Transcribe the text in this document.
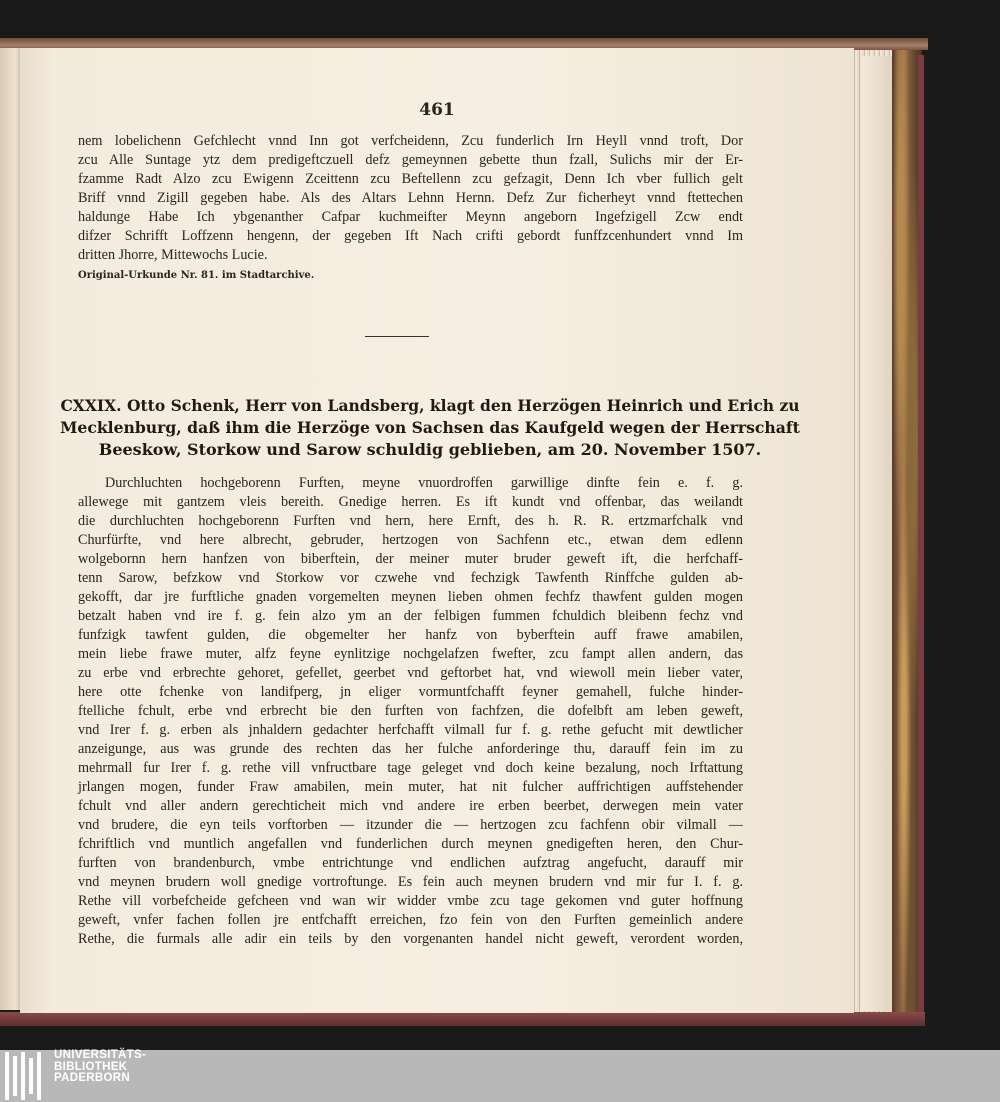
461
nem lobelichenn Gefchlecht vnnd Inn got verfcheidenn, Zcu funderlich Irn Heyll vnnd troft, Dor
zcu Alle Suntage ytz dem predigeftczuell defz gemeynnen gebette thun fzall, Sulichs mir der Er-
fzamme Radt Alzo zcu Ewigenn Zceittenn zcu Beftellenn zcu gefzagit, Denn Ich vber fullich gelt
Briff vnnd Zigill gegeben habe. Als des Altars Lehnn Hernn. Defz Zur ficherheyt vnnd ftettechen
haldunge Habe Ich ybgenanther Cafpar kuchmeifter Meynn angeborn Ingefzigell Zcw endt
difzer Schrifft Loffzenn hengenn, der gegeben Ift Nach crifti gebordt funffzcenhundert vnnd Im
dritten Jhorre, Mittewochs Lucie.
Original-Urkunde Nr. 81. im Stadtarchive.
CXXIX. Otto Schenk, Herr von Landsberg, klagt den Herzögen Heinrich und Erich zu
Mecklenburg, daß ihm die Herzöge von Sachsen das Kaufgeld wegen der Herrschaft
Beeskow, Storkow und Sarow schuldig geblieben, am 20. November 1507.
Durchluchten hochgeborenn Furften, meyne vnuordroffen garwillige dinfte fein e. f. g.
allewege mit gantzem vleis bereith. Gnedige herren. Es ift kundt vnd offenbar, das weilandt
die durchluchten hochgeborenn Furften vnd hern, here Ernft, des h. R. R. ertzmarfchalk vnd
Churfürfte, vnd here albrecht, gebruder, hertzogen von Sachfenn etc., etwan dem edlenn
wolgebornn hern hanfzen von biberftein, der meiner muter bruder geweft ift, die herfchaff-
tenn Sarow, befzkow vnd Storkow vor czwehe vnd fechzigk Tawfenth Rinffche gulden ab-
gekofft, dar jre furftliche gnaden vorgemelten meynen lieben ohmen fechfz thawfent gulden mogen
betzalt haben vnd ire f. g. fein alzo ym an der felbigen fummen fchuldich bleibenn fechz vnd
funfzigk tawfent gulden, die obgemelter her hanfz von byberftein auff frawe amabilen,
mein liebe frawe muter, alfz feyne eynlitzige nochgelafzen fwefter, zcu fampt allen andern, das
zu erbe vnd erbrechte gehoret, gefellet, geerbet vnd geftorbet hat, vnd wiewoll mein lieber vater,
here otte fchenke von landifperg, jn eliger vormuntfchafft feyner gemahell, fulche hinder-
ftelliche fchult, erbe vnd erbrecht bie den furften von fachfzen, die dofelbft am leben geweft,
vnd Irer f. g. erben als jnhaldern gedachter herfchafft vilmall fur f. g. rethe gefucht mit dewtlicher
anzeigunge, aus was grunde des rechten das her fulche anforderinge thu, darauff fein im zu
mehrmall fur Irer f. g. rethe vill vnfructbare tage geleget vnd doch keine bezalung, noch Irftattung
jrlangen mogen, funder Fraw amabilen, mein muter, hat nit fulcher auffrichtigen auffstehender
fchult vnd aller andern gerechticheit mich vnd andere ire erben beerbet, derwegen mein vater
vnd brudere, die eyn teils vorftorben — itzunder die — hertzogen zcu fachfenn obir vilmall —
fchriftlich vnd muntlich angefallen vnd funderlichen durch meynen gnedigeften heren, den Chur-
furften von brandenburch, vmbe entrichtunge vnd endlichen aufztrag angefucht, darauff mir
vnd meynen brudern woll gnedige vortroftunge. Es fein auch meynen brudern vnd mir fur I. f. g.
Rethe vill vorbefcheide gefcheen vnd wan wir widder vmbe zcu tage gekomen vnd guter hoffnung
geweft, vnfer fachen follen jre entfchafft erreichen, fzo fein von den Furften gemeinlich andere
Rethe, die furmals alle adir ein teils by den vorgenanten handel nicht geweft, verordent worden,
UNIVERSITÄTS-
BIBLIOTHEK
PADERBORN
